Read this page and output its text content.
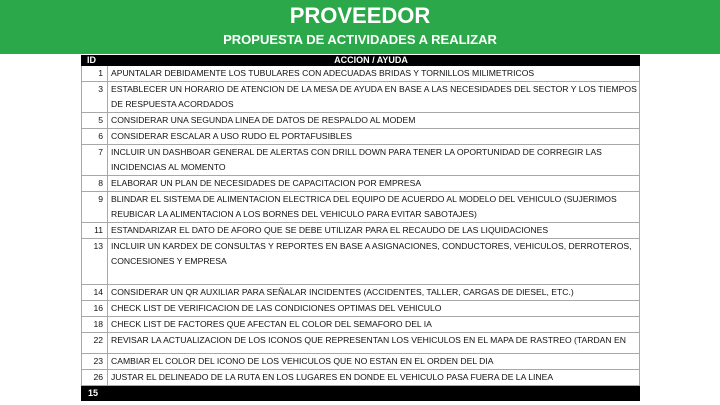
PROVEEDOR
PROPUESTA DE ACTIVIDADES A REALIZAR
ID	ACCION / AYUDA
1 APUNTALAR DEBIDAMENTE LOS TUBULARES CON ADECUADAS BRIDAS Y TORNILLOS MILIMETRICOS
3 ESTABLECER UN HORARIO DE ATENCION DE LA MESA DE AYUDA EN BASE A LAS NECESIDADES DEL SECTOR Y LOS TIEMPOS DE RESPUESTA ACORDADOS
5 CONSIDERAR UNA SEGUNDA LINEA DE DATOS DE RESPALDO AL MODEM
6 CONSIDERAR ESCALAR A USO RUDO EL PORTAFUSIBLES
7 INCLUIR UN DASHBOAR GENERAL DE ALERTAS CON DRILL DOWN PARA TENER LA OPORTUNIDAD DE CORREGIR LAS INCIDENCIAS AL MOMENTO
8 ELABORAR UN PLAN DE NECESIDADES DE CAPACITACION POR EMPRESA
9 BLINDAR EL SISTEMA DE ALIMENTACION ELECTRICA DEL EQUIPO DE ACUERDO AL MODELO DEL VEHICULO (SUJERIMOS REUBICAR LA ALIMENTACION A LOS BORNES DEL VEHICULO PARA EVITAR SABOTAJES)
11 ESTANDARIZAR EL DATO DE AFORO QUE SE DEBE UTILIZAR PARA EL RECAUDO DE LAS LIQUIDACIONES
13 INCLUIR UN KARDEX DE CONSULTAS Y REPORTES EN BASE A ASIGNACIONES, CONDUCTORES, VEHICULOS, DERROTEROS, CONCESIONES Y EMPRESA
14 CONSIDERAR UN QR AUXILIAR PARA SEÑALAR INCIDENTES (ACCIDENTES, TALLER, CARGAS DE DIESEL, ETC.)
16 CHECK LIST DE VERIFICACION DE LAS CONDICIONES OPTIMAS DEL VEHICULO
18 CHECK LIST DE FACTORES QUE AFECTAN EL COLOR DEL SEMAFORO DEL IA
22 REVISAR LA ACTUALIZACION DE LOS ICONOS QUE REPRESENTAN LOS VEHICULOS EN EL MAPA DE RASTREO (TARDAN EN
23 CAMBIAR EL COLOR DEL ICONO DE LOS VEHICULOS QUE NO ESTAN EN EL ORDEN DEL DIA
26 JUSTAR EL DELINEADO DE LA RUTA EN LOS LUGARES EN DONDE EL VEHICULO PASA FUERA DE LA LINEA
15
